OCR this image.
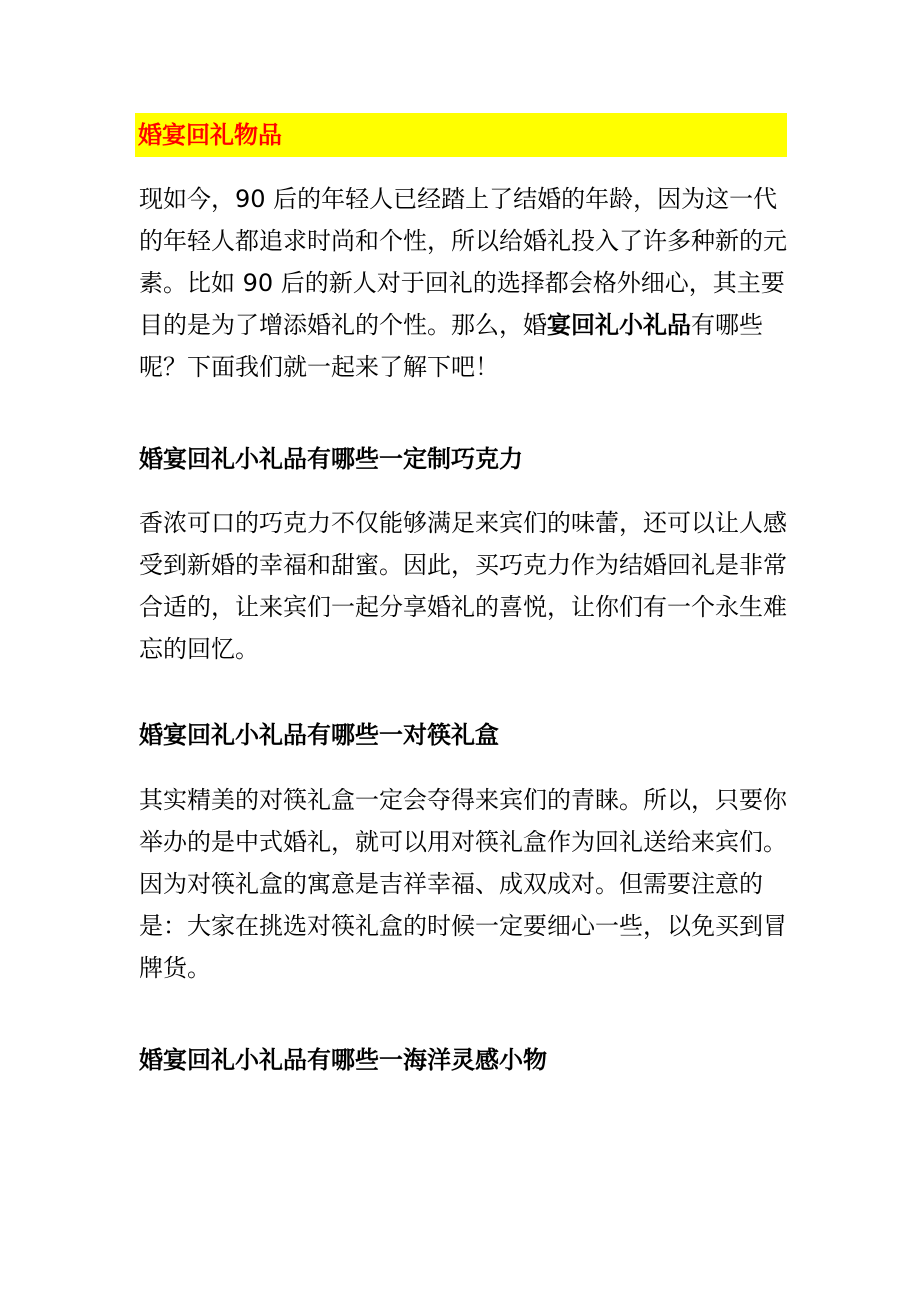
婚宴回礼物品

现如今，90 后的年轻人已经踏上了结婚的年龄，因为这一代的年轻人都追求时尚和个性，所以给婚礼投入了许多种新的元素。比如 90 后的新人对于回礼的选择都会格外细心，其主要目的是为了增添婚礼的个性。那么，婚宴回礼小礼品有哪些呢？下面我们就一起来了解下吧！

婚宴回礼小礼品有哪些一定制巧克力

香浓可口的巧克力不仅能够满足来宾们的味蕾，还可以让人感受到新婚的幸福和甜蜜。因此，买巧克力作为结婚回礼是非常合适的，让来宾们一起分享婚礼的喜悦，让你们有一个永生难忘的回忆。

婚宴回礼小礼品有哪些一对筷礼盒

其实精美的对筷礼盒一定会夺得来宾们的青睐。所以，只要你举办的是中式婚礼，就可以用对筷礼盒作为回礼送给来宾们。因为对筷礼盒的寓意是吉祥幸福、成双成对。但需要注意的是：大家在挑选对筷礼盒的时候一定要细心一些，以免买到冒牌货。

婚宴回礼小礼品有哪些一海洋灵感小物
